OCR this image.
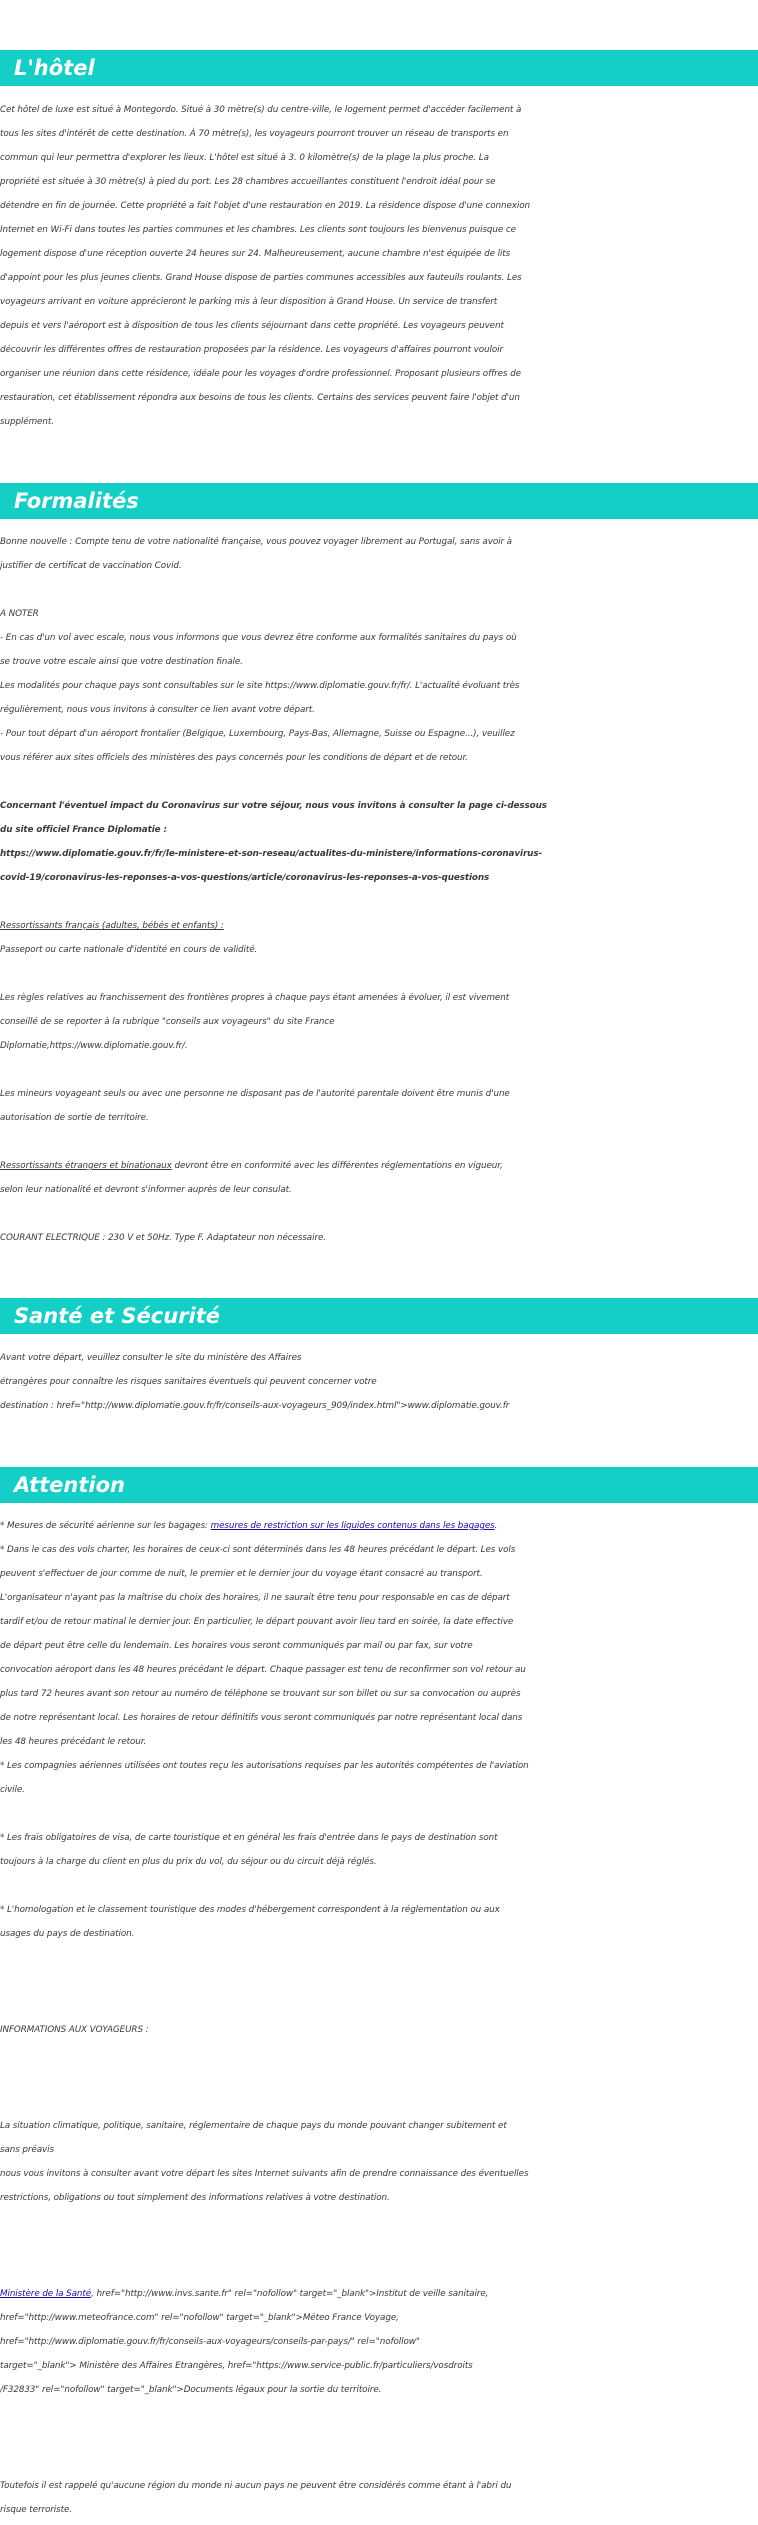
L'hôtel
Cet hôtel de luxe est situé à Montegordo. Situé à 30 mètre(s) du centre-ville, le logement permet d'accéder facilement à
tous les sites d'intérêt de cette destination. À 70 mètre(s), les voyageurs pourront trouver un réseau de transports en
commun qui leur permettra d'explorer les lieux. L'hôtel est situé à 3. 0 kilomètre(s) de la plage la plus proche. La
propriété est située à 30 mètre(s) à pied du port. Les 28 chambres accueillantes constituent l'endroit idéal pour se
détendre en fin de journée. Cette propriété a fait l'objet d'une restauration en 2019. La résidence dispose d'une connexion
Internet en Wi-Fi dans toutes les parties communes et les chambres. Les clients sont toujours les bienvenus puisque ce
logement dispose d'une réception ouverte 24 heures sur 24. Malheureusement, aucune chambre n'est équipée de lits
d'appoint pour les plus jeunes clients. Grand House dispose de parties communes accessibles aux fauteuils roulants. Les
voyageurs arrivant en voiture apprécieront le parking mis à leur disposition à Grand House. Un service de transfert
depuis et vers l'aéroport est à disposition de tous les clients séjournant dans cette propriété. Les voyageurs peuvent
découvrir les différentes offres de restauration proposées par la résidence. Les voyageurs d'affaires pourront vouloir
organiser une réunion dans cette résidence, idéale pour les voyages d'ordre professionnel. Proposant plusieurs offres de
restauration, cet établissement répondra aux besoins de tous les clients. Certains des services peuvent faire l'objet d'un
supplément.
Formalités
Bonne nouvelle : Compte tenu de votre nationalité française, vous pouvez voyager librement au Portugal, sans avoir à
justifier de certificat de vaccination Covid.
A NOTER
- En cas d'un vol avec escale, nous vous informons que vous devrez être conforme aux formalités sanitaires du pays où
se trouve votre escale ainsi que votre destination finale.
Les modalités pour chaque pays sont consultables sur le site https://www.diplomatie.gouv.fr/fr/. L'actualité évoluant très
régulièrement, nous vous invitons à consulter ce lien avant votre départ.
- Pour tout départ d'un aéroport frontalier (Belgique, Luxembourg, Pays-Bas, Allemagne, Suisse ou Espagne...), veuillez
vous référer aux sites officiels des ministères des pays concernés pour les conditions de départ et de retour.
Concernant l'éventuel impact du Coronavirus sur votre séjour, nous vous invitons à consulter la page ci-dessous
du site officiel France Diplomatie :
https://www.diplomatie.gouv.fr/fr/le-ministere-et-son-reseau/actualites-du-ministere/informations-coronavirus-
covid-19/coronavirus-les-reponses-a-vos-questions/article/coronavirus-les-reponses-a-vos-questions
Ressortissants français (adultes, bébés et enfants) :
Passeport ou carte nationale d'identité en cours de validité.
Les règles relatives au franchissement des frontières propres à chaque pays étant amenées à évoluer, il est vivement
conseillé de se reporter à la rubrique "conseils aux voyageurs" du site France
Diplomatie,https://www.diplomatie.gouv.fr/.
Les mineurs voyageant seuls ou avec une personne ne disposant pas de l'autorité parentale doivent être munis d'une
autorisation de sortie de territoire.
Ressortissants étrangers et binationaux devront être en conformité avec les différentes réglementations en vigueur,
selon leur nationalité et devront s'informer auprès de leur consulat.
COURANT ELECTRIQUE : 230 V et 50Hz. Type F. Adaptateur non nécessaire.
Santé et Sécurité
Avant votre départ, veuillez consulter le site du ministère des Affaires
étrangères pour connaître les risques sanitaires éventuels qui peuvent concerner votre
destination : href="http://www.diplomatie.gouv.fr/fr/conseils-aux-voyageurs_909/index.html">www.diplomatie.gouv.fr
Attention
* Mesures de sécurité aérienne sur les bagages: mesures de restriction sur les liquides contenus dans les bagages.
* Dans le cas des vols charter, les horaires de ceux-ci sont déterminés dans les 48 heures précédant le départ. Les vols
peuvent s'effectuer de jour comme de nuit, le premier et le dernier jour du voyage étant consacré au transport.
L'organisateur n'ayant pas la maîtrise du choix des horaires, il ne saurait être tenu pour responsable en cas de départ
tardif et/ou de retour matinal le dernier jour. En particulier, le départ pouvant avoir lieu tard en soirée, la date effective
de départ peut être celle du lendemain. Les horaires vous seront communiqués par mail ou par fax, sur votre
convocation aéroport dans les 48 heures précédant le départ. Chaque passager est tenu de reconfirmer son vol retour au
plus tard 72 heures avant son retour au numéro de téléphone se trouvant sur son billet ou sur sa convocation ou auprès
de notre représentant local. Les horaires de retour définitifs vous seront communiqués par notre représentant local dans
les 48 heures précédant le retour.
* Les compagnies aériennes utilisées ont toutes reçu les autorisations requises par les autorités compétentes de l'aviation
civile.
* Les frais obligatoires de visa, de carte touristique et en général les frais d'entrée dans le pays de destination sont
toujours à la charge du client en plus du prix du vol, du séjour ou du circuit déjà réglés.
* L'homologation et le classement touristique des modes d'hébergement correspondent à la réglementation ou aux
usages du pays de destination.
INFORMATIONS AUX VOYAGEURS :
La situation climatique, politique, sanitaire, réglementaire de chaque pays du monde pouvant changer subitement et
sans préavis
nous vous invitons à consulter avant votre départ les sites Internet suivants afin de prendre connaissance des éventuelles
restrictions, obligations ou tout simplement des informations relatives à votre destination.
Ministère de la Santé, href="http://www.invs.sante.fr" rel="nofollow" target="_blank">Institut de veille sanitaire,
href="http://www.meteofrance.com" rel="nofollow" target="_blank">Méteo France Voyage,
href="http://www.diplomatie.gouv.fr/fr/conseils-aux-voyageurs/conseils-par-pays/" rel="nofollow"
target="_blank"> Ministère des Affaires Etrangères, href="https://www.service-public.fr/particuliers/vosdroits
/F32833" rel="nofollow" target="_blank">Documents légaux pour la sortie du territoire.
Toutefois il est rappelé qu'aucune région du monde ni aucun pays ne peuvent être considérés comme étant à l'abri du
risque terroriste.
